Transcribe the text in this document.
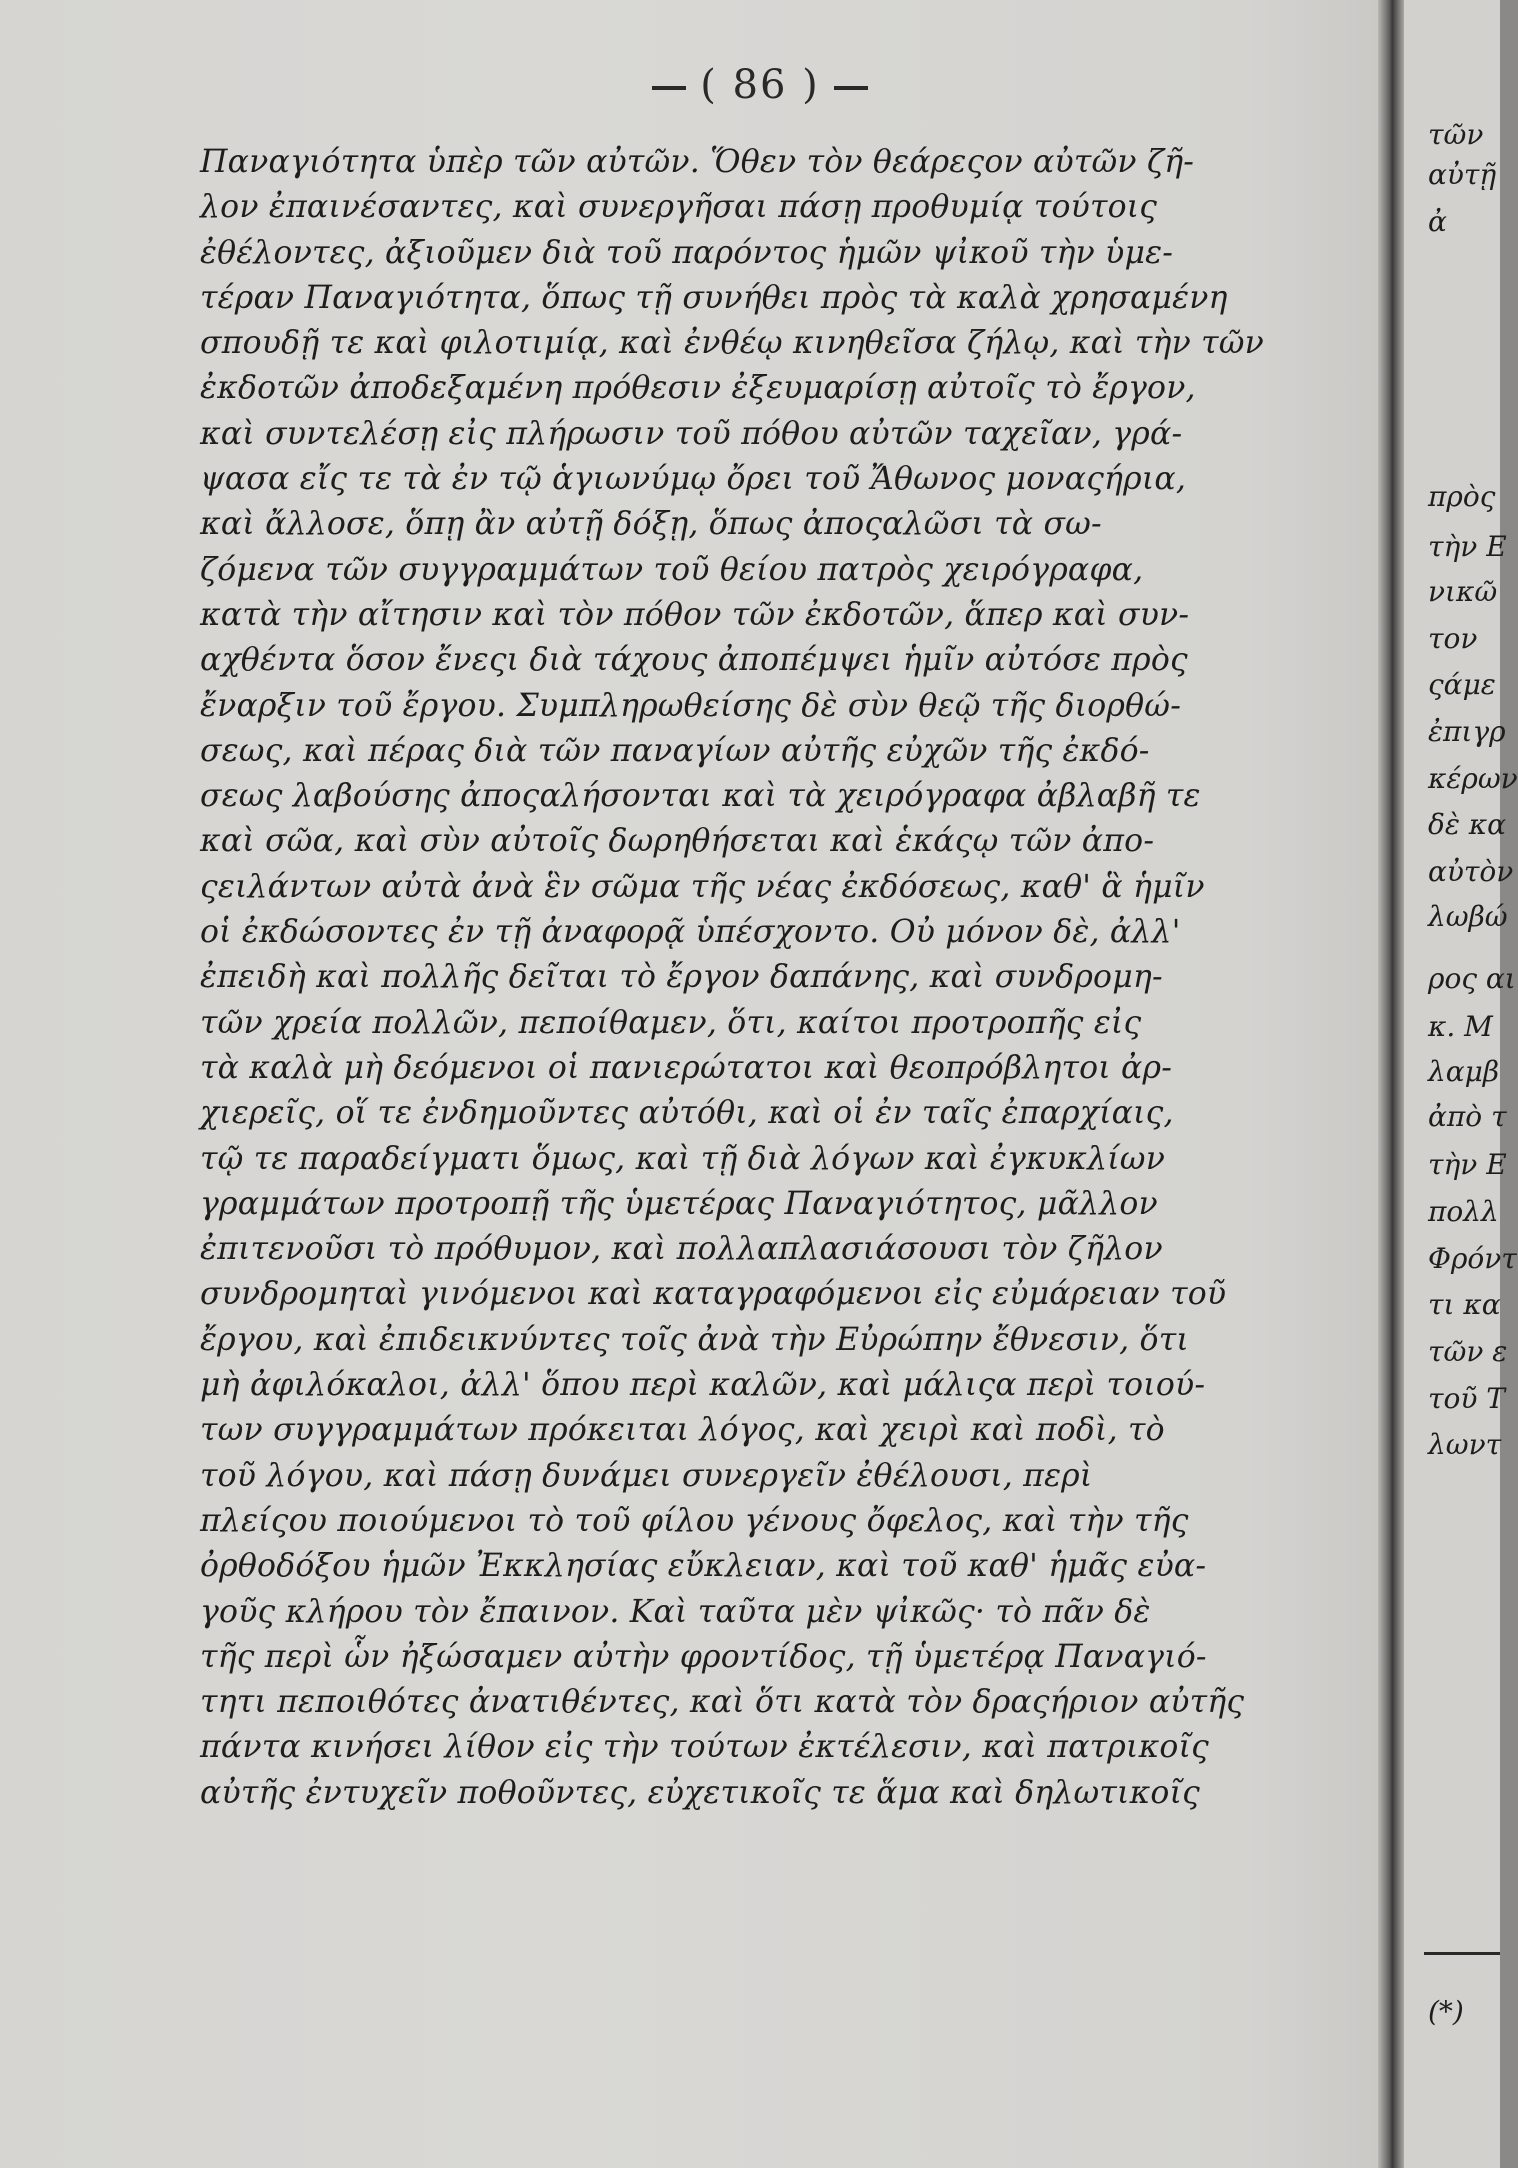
( 86 )
Παναγιότητα ὑπὲρ τῶν αὐτῶν. Ὅθεν τὸν θεάρεςον αὐτῶν ζῆ-
λον ἐπαινέσαντες, καὶ συνεργῆσαι πάσῃ προθυμίᾳ τούτοις
ἐθέλοντες, ἀξιοῦμεν διὰ τοῦ παρόντος ἡμῶν ψἰκοῦ τὴν ὑμε-
τέραν Παναγιότητα, ὅπως τῇ συνήθει πρὸς τὰ καλὰ χρησαμένη
σπουδῇ τε καὶ φιλοτιμίᾳ, καὶ ἐνθέῳ κινηθεῖσα ζήλῳ, καὶ τὴν τῶν
ἐκδοτῶν ἀποδεξαμένη πρόθεσιν ἐξευμαρίσῃ αὐτοῖς τὸ ἔργον,
καὶ συντελέσῃ εἰς πλήρωσιν τοῦ πόθου αὐτῶν ταχεῖαν, γρά-
ψασα εἴς τε τὰ ἐν τῷ ἁγιωνύμῳ ὄρει τοῦ Ἄθωνος μοναςήρια,
καὶ ἄλλοσε, ὅπῃ ἂν αὐτῇ δόξῃ, ὅπως ἀποςαλῶσι τὰ σω-
ζόμενα τῶν συγγραμμάτων τοῦ θείου πατρὸς χειρόγραφα,
κατὰ τὴν αἴτησιν καὶ τὸν πόθον τῶν ἐκδοτῶν, ἅπερ καὶ συν-
αχθέντα ὅσον ἔνεςι διὰ τάχους ἀποπέμψει ἡμῖν αὐτόσε πρὸς
ἔναρξιν τοῦ ἔργου. Συμπληρωθείσης δὲ σὺν θεῷ τῆς διορθώ-
σεως, καὶ πέρας διὰ τῶν παναγίων αὐτῆς εὐχῶν τῆς ἐκδό-
σεως λαβούσης ἀποςαλήσονται καὶ τὰ χειρόγραφα ἀβλαβῆ τε
καὶ σῶα, καὶ σὺν αὐτοῖς δωρηθήσεται καὶ ἑκάςῳ τῶν ἀπο-
ςειλάντων αὐτὰ ἀνὰ ἓν σῶμα τῆς νέας ἐκδόσεως, καθ' ἃ ἡμῖν
οἱ ἐκδώσοντες ἐν τῇ ἀναφορᾷ ὑπέσχοντο. Οὐ μόνον δὲ, ἀλλ'
ἐπειδὴ καὶ πολλῆς δεῖται τὸ ἔργον δαπάνης, καὶ συνδρομη-
τῶν χρεία πολλῶν, πεποίθαμεν, ὅτι, καίτοι προτροπῆς εἰς
τὰ καλὰ μὴ δεόμενοι οἱ πανιερώτατοι καὶ θεοπρόβλητοι ἀρ-
χιερεῖς, οἵ τε ἐνδημοῦντες αὐτόθι, καὶ οἱ ἐν ταῖς ἐπαρχίαις,
τῷ τε παραδείγματι ὅμως, καὶ τῇ διὰ λόγων καὶ ἐγκυκλίων
γραμμάτων προτροπῇ τῆς ὑμετέρας Παναγιότητος, μᾶλλον
ἐπιτενοῦσι τὸ πρόθυμον, καὶ πολλαπλασιάσουσι τὸν ζῆλον
συνδρομηταὶ γινόμενοι καὶ καταγραφόμενοι εἰς εὐμάρειαν τοῦ
ἔργου, καὶ ἐπιδεικνύντες τοῖς ἀνὰ τὴν Εὐρώπην ἔθνεσιν, ὅτι
μὴ ἀφιλόκαλοι, ἀλλ' ὅπου περὶ καλῶν, καὶ μάλιςα περὶ τοιού-
των συγγραμμάτων πρόκειται λόγος, καὶ χειρὶ καὶ ποδὶ, τὸ
τοῦ λόγου, καὶ πάσῃ δυνάμει συνεργεῖν ἐθέλουσι, περὶ
πλείςου ποιούμενοι τὸ τοῦ φίλου γένους ὄφελος, καὶ τὴν τῆς
ὀρθοδόξου ἡμῶν Ἐκκλησίας εὔκλειαν, καὶ τοῦ καθ' ἡμᾶς εὐα-
γοῦς κλήρου τὸν ἔπαινον. Καὶ ταῦτα μὲν ψἰκῶς· τὸ πᾶν δὲ
τῆς περὶ ὧν ἠξώσαμεν αὐτὴν φροντίδος, τῇ ὑμετέρᾳ Παναγιό-
τητι πεποιθότες ἀνατιθέντες, καὶ ὅτι κατὰ τὸν δραςήριον αὐτῆς
πάντα κινήσει λίθον εἰς τὴν τούτων ἐκτέλεσιν, καὶ πατρικοῖς
αὐτῆς ἐντυχεῖν ποθοῦντες, εὐχετικοῖς τε ἅμα καὶ δηλωτικοῖς
τῶν
αὐτῇ
ἀ
πρὸς
τὴν Ε
νικῶ
τον
ςάμε
ἐπιγρ
κέρων
δὲ κα
αὐτὸν
λωβώ
ρος αι
κ. Μ
λαμβ
ἀπὸ τ
τὴν Ε
πολλ
Φρόντ
τι κα
τῶν ε
τοῦ Τ
λωντ
(*)
